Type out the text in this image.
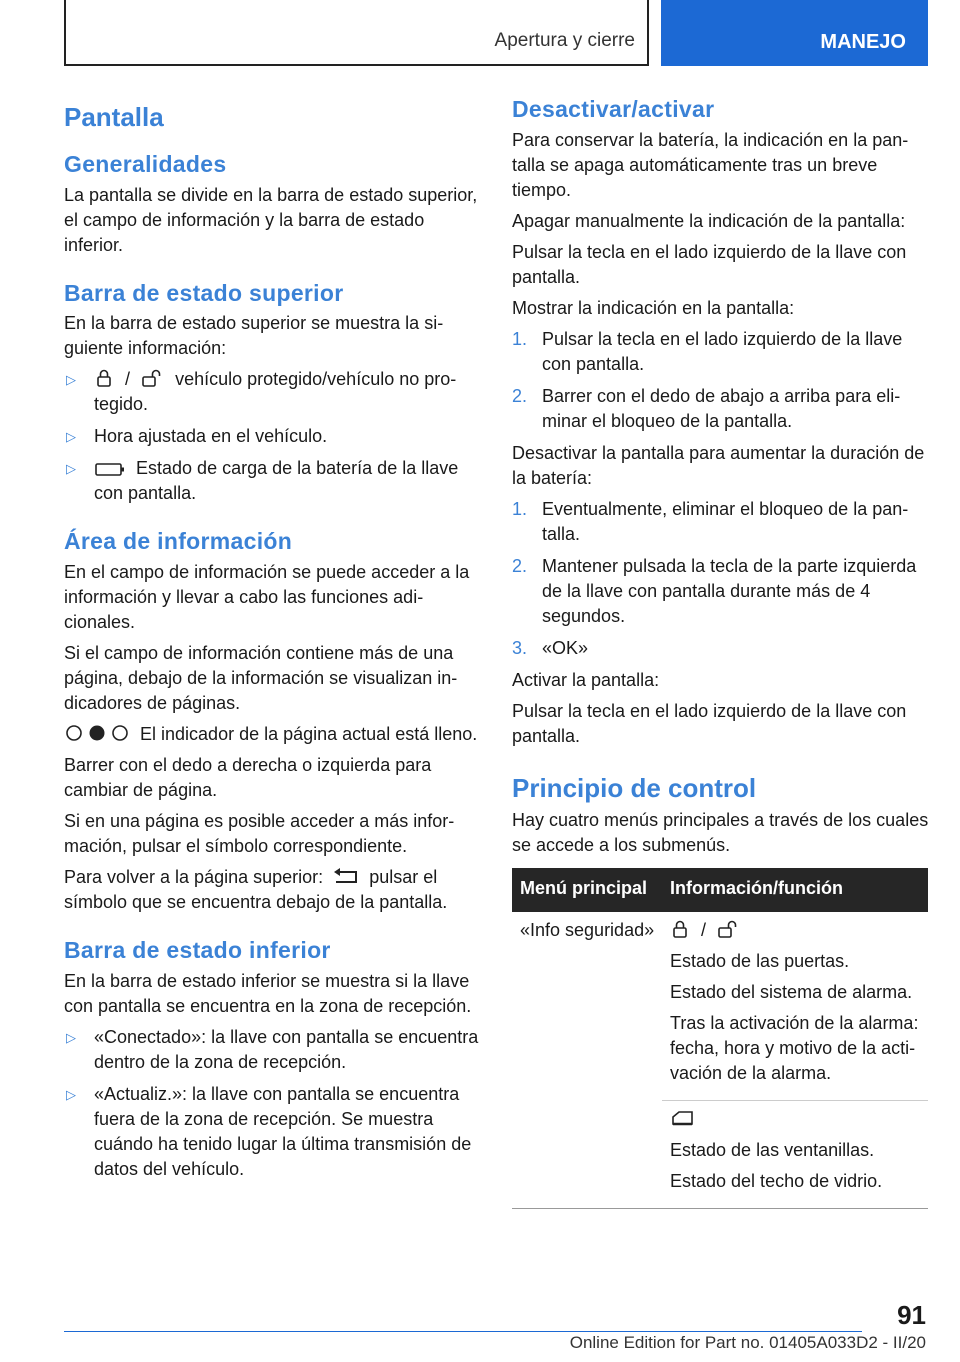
Apertura y cierre	MANEJO
Pantalla
Generalidades

La pantalla se divide en la barra de estado superior, el campo de información y la barra de estado inferior.

Barra de estado superior

En la barra de estado superior se muestra la siguiente información:

▷ /	vehículo protegido/vehículo no protegido.
▷ Hora ajustada en el vehículo.
▷ Estado de carga de la batería de la llave con pantalla.
Área de información

En el campo de información se puede acceder a la información y llevar a cabo las funciones adicionales.

Si el campo de información contiene más de una página, debajo de la información se visualizan indicadores de páginas.

El indicador de la página actual está lleno.

Barrer con el dedo a derecha o izquierda para cambiar de página.

Si en una página es posible acceder a más información, pulsar el símbolo correspondiente.

Para volver a la página superior:	pulsar el símbolo que se encuentra debajo de la pantalla.

Barra de estado inferior

En la barra de estado inferior se muestra si la llave con pantalla se encuentra en la zona de recepción.

▷ «Conectado»: la llave con pantalla se encuentra dentro de la zona de recepción.
▷ «Actualiz.»: la llave con pantalla se encuentra fuera de la zona de recepción. Se muestra cuándo ha tenido lugar la última transmisión de datos del vehículo.
Desactivar/activar

Para conservar la batería, la indicación en la pantalla se apaga automáticamente tras un breve tiempo.

Apagar manualmente la indicación de la pantalla:

Pulsar la tecla en el lado izquierdo de la llave con pantalla.

Mostrar la indicación en la pantalla:

1. Pulsar la tecla en el lado izquierdo de la llave con pantalla.
2. Barrer con el dedo de abajo a arriba para eliminar el bloqueo de la pantalla.

Desactivar la pantalla para aumentar la duración de la batería:

1. Eventualmente, eliminar el bloqueo de la pantalla.
2. Mantener pulsada la tecla de la parte izquierda de la llave con pantalla durante más de 4 segundos.
3. «OK»

Activar la pantalla:

Pulsar la tecla en el lado izquierdo de la llave con pantalla.

Principio de control

Hay cuatro menús principales a través de los cuales se accede a los submenús.

Menú principal	Información/función
«Info seguridad»	/

Estado de las puertas.

Estado del sistema de alarma.

Tras la activación de la alarma: fecha, hora y motivo de la activación de la alarma.

	Estado de las ventanillas.

Estado del techo de vidrio.

91
Online Edition for Part no. 01405A033D2 - II/20
